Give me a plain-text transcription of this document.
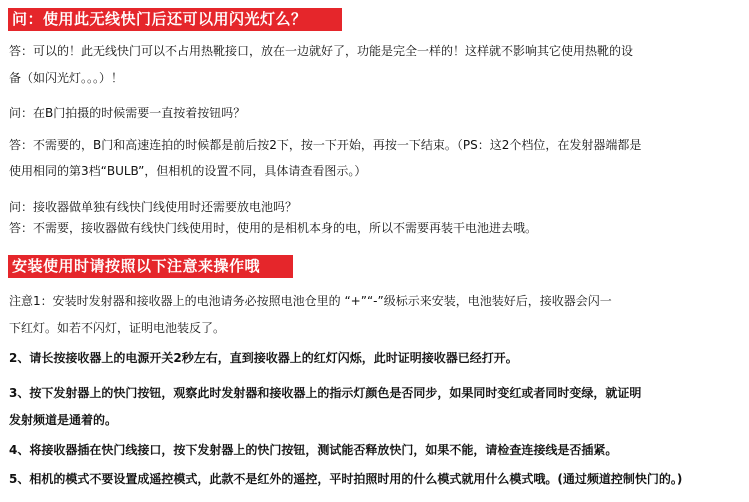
问：使用此无线快门后还可以用闪光灯么？
答：可以的！此无线快门可以不占用热靴接口，放在一边就好了，功能是完全一样的！这样就不影响其它使用热靴的设
备（如闪光灯。。。）！
问：在B门拍摄的时候需要一直按着按钮吗？
答：不需要的，B门和高速连拍的时候都是前后按2下，按一下开始，再按一下结束。（PS：这2个档位，在发射器端都是
使用相同的第3档“BULB”，但相机的设置不同，具体请查看图示。）
问：接收器做单独有线快门线使用时还需要放电池吗？
答：不需要，接收器做有线快门线使用时，使用的是相机本身的电，所以不需要再装干电池进去哦。
安装使用时请按照以下注意来操作哦
注意1：安装时发射器和接收器上的电池请务必按照电池仓里的 “+”“-”级标示来安装，电池装好后，接收器会闪一
下红灯。如若不闪灯，证明电池装反了。
2、请长按接收器上的电源开关2秒左右，直到接收器上的红灯闪烁，此时证明接收器已经打开。
3、按下发射器上的快门按钮，观察此时发射器和接收器上的指示灯颜色是否同步，如果同时变红或者同时变绿，就证明
发射频道是通着的。
4、将接收器插在快门线接口，按下发射器上的快门按钮，测试能否释放快门，如果不能，请检查连接线是否插紧。
5、相机的模式不要设置成遥控模式，此款不是红外的遥控，平时拍照时用的什么模式就用什么模式哦。(通过频道控制快门的。)
